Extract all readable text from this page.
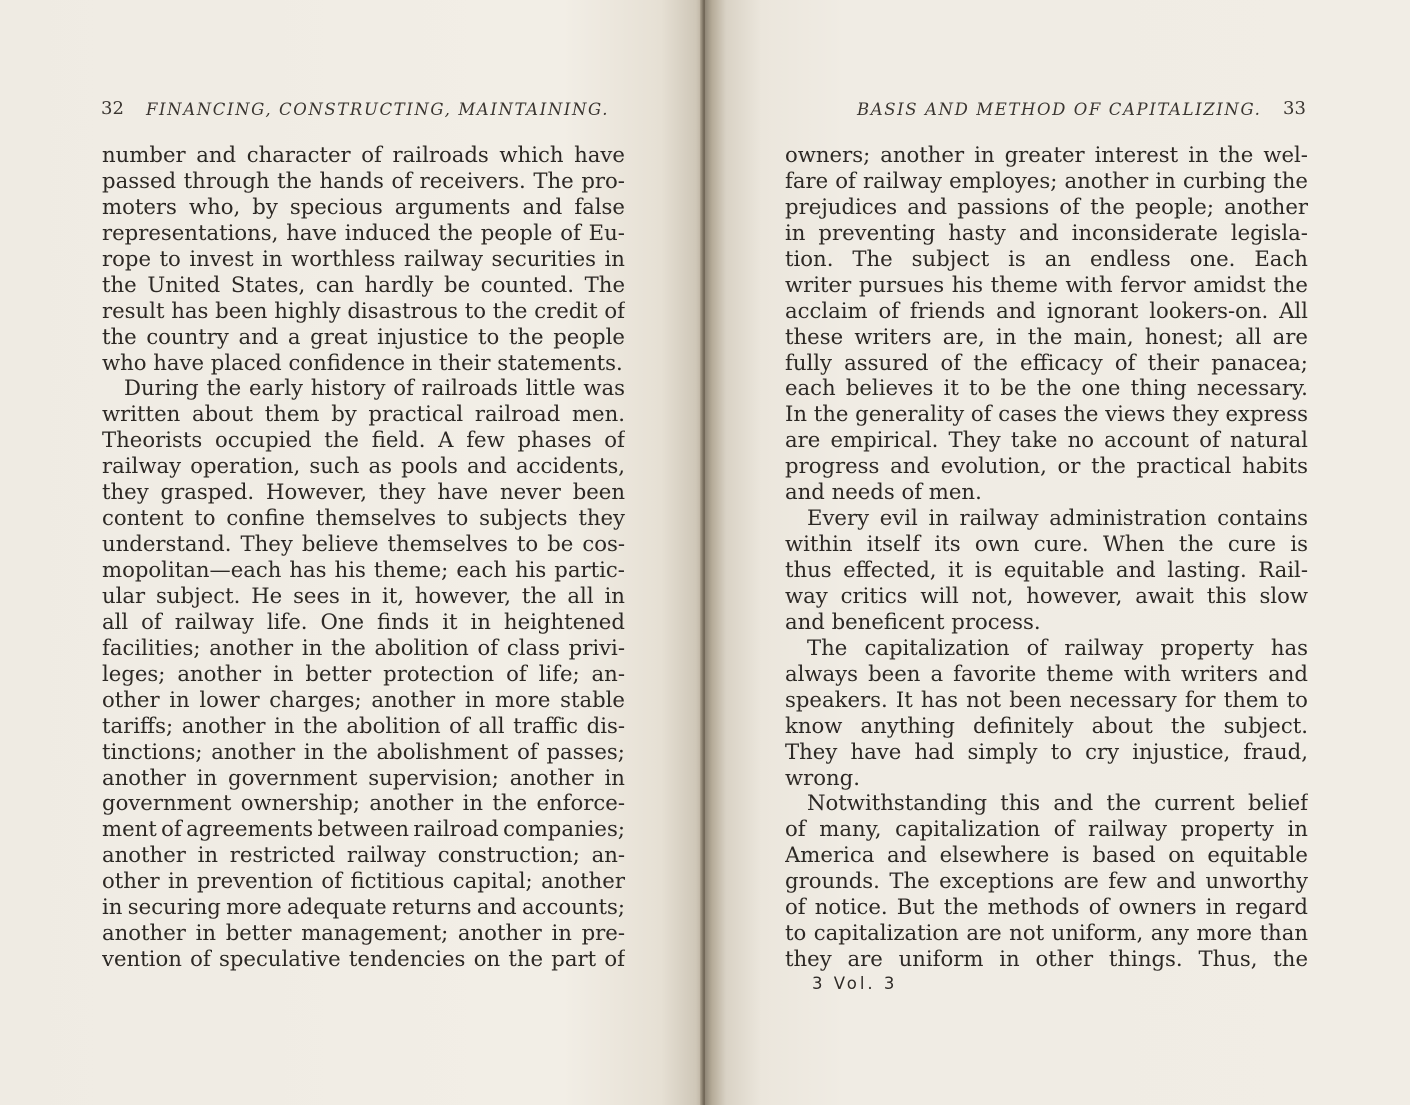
32 FINANCING, CONSTRUCTING, MAINTAINING.
number and character of railroads which have
passed through the hands of receivers. The pro-
moters who, by specious arguments and false
representations, have induced the people of Eu-
rope to invest in worthless railway securities in
the United States, can hardly be counted. The
result has been highly disastrous to the credit of
the country and a great injustice to the people
who have placed confidence in their statements.
During the early history of railroads little was
written about them by practical railroad men.
Theorists occupied the field. A few phases of
railway operation, such as pools and accidents,
they grasped. However, they have never been
content to confine themselves to subjects they
understand. They believe themselves to be cos-
mopolitan—each has his theme; each his partic-
ular subject. He sees in it, however, the all in
all of railway life. One finds it in heightened
facilities; another in the abolition of class privi-
leges; another in better protection of life; an-
other in lower charges; another in more stable
tariffs; another in the abolition of all traffic dis-
tinctions; another in the abolishment of passes;
another in government supervision; another in
government ownership; another in the enforce-
ment of agreements between railroad companies;
another in restricted railway construction; an-
other in prevention of fictitious capital; another
in securing more adequate returns and accounts;
another in better management; another in pre-
vention of speculative tendencies on the part of
BASIS AND METHOD OF CAPITALIZING. 33
owners; another in greater interest in the wel-
fare of railway employes; another in curbing the
prejudices and passions of the people; another
in preventing hasty and inconsiderate legisla-
tion. The subject is an endless one. Each
writer pursues his theme with fervor amidst the
acclaim of friends and ignorant lookers-on. All
these writers are, in the main, honest; all are
fully assured of the efficacy of their panacea;
each believes it to be the one thing necessary.
In the generality of cases the views they express
are empirical. They take no account of natural
progress and evolution, or the practical habits
and needs of men.
Every evil in railway administration contains
within itself its own cure. When the cure is
thus effected, it is equitable and lasting. Rail-
way critics will not, however, await this slow
and beneficent process.
The capitalization of railway property has
always been a favorite theme with writers and
speakers. It has not been necessary for them to
know anything definitely about the subject.
They have had simply to cry injustice, fraud,
wrong.
Notwithstanding this and the current belief
of many, capitalization of railway property in
America and elsewhere is based on equitable
grounds. The exceptions are few and unworthy
of notice. But the methods of owners in regard
to capitalization are not uniform, any more than
they are uniform in other things. Thus, the
3 Vol. 3
